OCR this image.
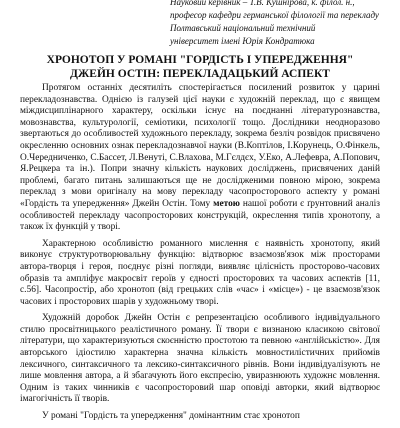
Науковий керівник – Т.В. Кушнірова, к. філол. н.,
професор кафедри германської філології та перекладу
Полтавський національний технічний
університет імені Юрія Кондратюка
ХРОНОТОП У РОМАНІ "ГОРДІСТЬ І УПЕРЕДЖЕННЯ"
ДЖЕЙН ОСТІН: ПЕРЕКЛАДАЦЬКИЙ АСПЕКТ

Протягом останніх десятиліть спостерігається посилений розвиток у царині перекладознавства. Однією із галузей цієї науки є художній переклад, що є явищем міждисциплінарного характеру, оскільки існує на поєднанні літературознавства, мовознавства, культурології, семіотики, психології тощо. Дослідники неодноразово звертаються до особливостей художнього перекладу, зокрема безліч розвідок присвячено окресленню основних ознак перекладознавчої науки (В.Коптілов, І.Корунець, О.Фінкель, О.Чередниченко, С.Бассет, Л.Венуті, С.Влахова, М.Гєлдєх, У.Еко, А.Лефевра, А.Попович, Я.Рецкера та ін.). Попри значну кількість наукових досліджень, присвячених даній проблемі, багато питань залишаються ще не дослідженими повною мірою, зокрема переклад з мови оригіналу на мову перекладу часопросторового аспекту у романі «Гордість та упередження» Джейн Остін. Тому метою нашої роботи є ґрунтовний аналіз особливостей перекладу часопросторових конструкцій, окреслення типів хронотопу, а також їх функцій у творі.

Характерною особливістю романного мислення є наявність хронотопу, який виконує структуротворювальну функцію: відтворює взаємозв'язок між просторами автора-творця і героя, поєднує різні погляди, виявляє цілісність просторово-часових образів та ампліфує макросвіт героїв у єдності просторових та часових аспектів [11, с.56]. Часопростір, або хронотоп (від грецьких слів «час» і «місце») - це взаємозв'язок часових і просторових шарів у художньому творі.

Художній доробок Джейн Остін є репрезентацією особливого індивідуального стилю просвітницького реалістичного роману. Її твори є визнаною класикою світової літератури, що характеризуються скоєнністю простотою та певною «англійськістю». Для авторського ідіостилю характерна значна кількість мовностилістичних прийомів лексичного, синтаксичного та лексико-синтаксичного рівнів. Вони індивідуалізують не лише мовлення автора, а й збагачують його експресію, увиразнюють художнє мовлення. Одним із таких чинників є часопросторовий шар оповіді авторки, який відтворює імагогічність її творів.

У романі "Гордість та упередження" домінантним стає хронотоп
